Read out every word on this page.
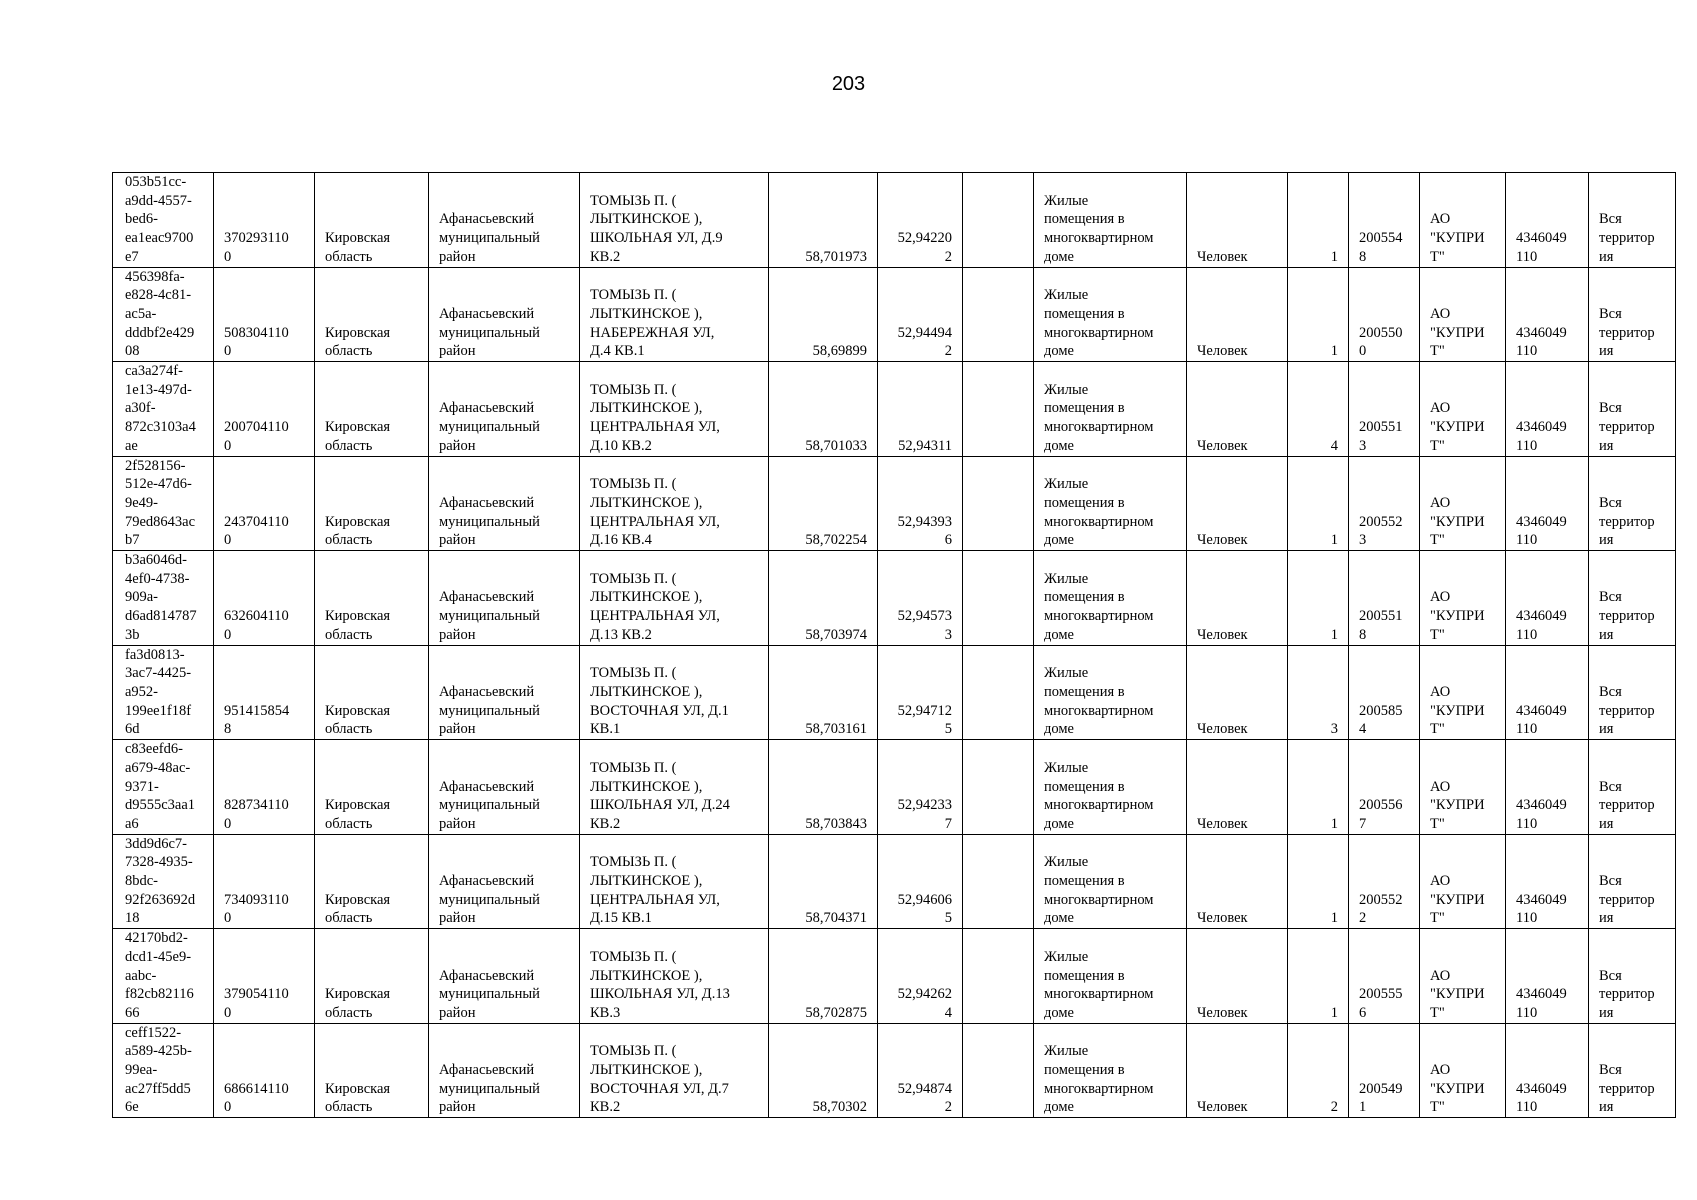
203
053b51cc-
a9dd-4557-
bed6-
ea1eac9700
e7	370293110
0	Кировская
область	Афанасьевский
муниципальный
район	ТОМЫЗЬ П. (
ЛЫТКИНСКОЕ ),
ШКОЛЬНАЯ УЛ, Д.9
КВ.2	58,701973	52,94220
2		Жилые
помещения в
многоквартирном
доме	Человек	1	200554
8	АО
"КУПРИ
Т"	4346049
110	Вся
территор
ия
456398fa-
e828-4c81-
ac5a-
dddbf2e429
08	508304110
0	Кировская
область	Афанасьевский
муниципальный
район	ТОМЫЗЬ П. (
ЛЫТКИНСКОЕ ),
НАБЕРЕЖНАЯ УЛ,
Д.4 КВ.1	58,69899	52,94494
2		Жилые
помещения в
многоквартирном
доме	Человек	1	200550
0	АО
"КУПРИ
Т"	4346049
110	Вся
территор
ия
ca3a274f-
1e13-497d-
a30f-
872c3103a4
ae	200704110
0	Кировская
область	Афанасьевский
муниципальный
район	ТОМЫЗЬ П. (
ЛЫТКИНСКОЕ ),
ЦЕНТРАЛЬНАЯ УЛ,
Д.10 КВ.2	58,701033	52,94311		Жилые
помещения в
многоквартирном
доме	Человек	4	200551
3	АО
"КУПРИ
Т"	4346049
110	Вся
территор
ия
2f528156-
512e-47d6-
9e49-
79ed8643ac
b7	243704110
0	Кировская
область	Афанасьевский
муниципальный
район	ТОМЫЗЬ П. (
ЛЫТКИНСКОЕ ),
ЦЕНТРАЛЬНАЯ УЛ,
Д.16 КВ.4	58,702254	52,94393
6		Жилые
помещения в
многоквартирном
доме	Человек	1	200552
3	АО
"КУПРИ
Т"	4346049
110	Вся
территор
ия
b3a6046d-
4ef0-4738-
909a-
d6ad814787
3b	632604110
0	Кировская
область	Афанасьевский
муниципальный
район	ТОМЫЗЬ П. (
ЛЫТКИНСКОЕ ),
ЦЕНТРАЛЬНАЯ УЛ,
Д.13 КВ.2	58,703974	52,94573
3		Жилые
помещения в
многоквартирном
доме	Человек	1	200551
8	АО
"КУПРИ
Т"	4346049
110	Вся
территор
ия
fa3d0813-
3ac7-4425-
a952-
199ee1f18f
6d	951415854
8	Кировская
область	Афанасьевский
муниципальный
район	ТОМЫЗЬ П. (
ЛЫТКИНСКОЕ ),
ВОСТОЧНАЯ УЛ, Д.1
КВ.1	58,703161	52,94712
5		Жилые
помещения в
многоквартирном
доме	Человек	3	200585
4	АО
"КУПРИ
Т"	4346049
110	Вся
территор
ия
c83eefd6-
a679-48ac-
9371-
d9555c3aa1
a6	828734110
0	Кировская
область	Афанасьевский
муниципальный
район	ТОМЫЗЬ П. (
ЛЫТКИНСКОЕ ),
ШКОЛЬНАЯ УЛ, Д.24
КВ.2	58,703843	52,94233
7		Жилые
помещения в
многоквартирном
доме	Человек	1	200556
7	АО
"КУПРИ
Т"	4346049
110	Вся
территор
ия
3dd9d6c7-
7328-4935-
8bdc-
92f263692d
18	734093110
0	Кировская
область	Афанасьевский
муниципальный
район	ТОМЫЗЬ П. (
ЛЫТКИНСКОЕ ),
ЦЕНТРАЛЬНАЯ УЛ,
Д.15 КВ.1	58,704371	52,94606
5		Жилые
помещения в
многоквартирном
доме	Человек	1	200552
2	АО
"КУПРИ
Т"	4346049
110	Вся
территор
ия
42170bd2-
dcd1-45e9-
aabc-
f82cb82116
66	379054110
0	Кировская
область	Афанасьевский
муниципальный
район	ТОМЫЗЬ П. (
ЛЫТКИНСКОЕ ),
ШКОЛЬНАЯ УЛ, Д.13
КВ.3	58,702875	52,94262
4		Жилые
помещения в
многоквартирном
доме	Человек	1	200555
6	АО
"КУПРИ
Т"	4346049
110	Вся
территор
ия
ceff1522-
a589-425b-
99ea-
ac27ff5dd5
6e	686614110
0	Кировская
область	Афанасьевский
муниципальный
район	ТОМЫЗЬ П. (
ЛЫТКИНСКОЕ ),
ВОСТОЧНАЯ УЛ, Д.7
КВ.2	58,70302	52,94874
2		Жилые
помещения в
многоквартирном
доме	Человек	2	200549
1	АО
"КУПРИ
Т"	4346049
110	Вся
территор
ия
